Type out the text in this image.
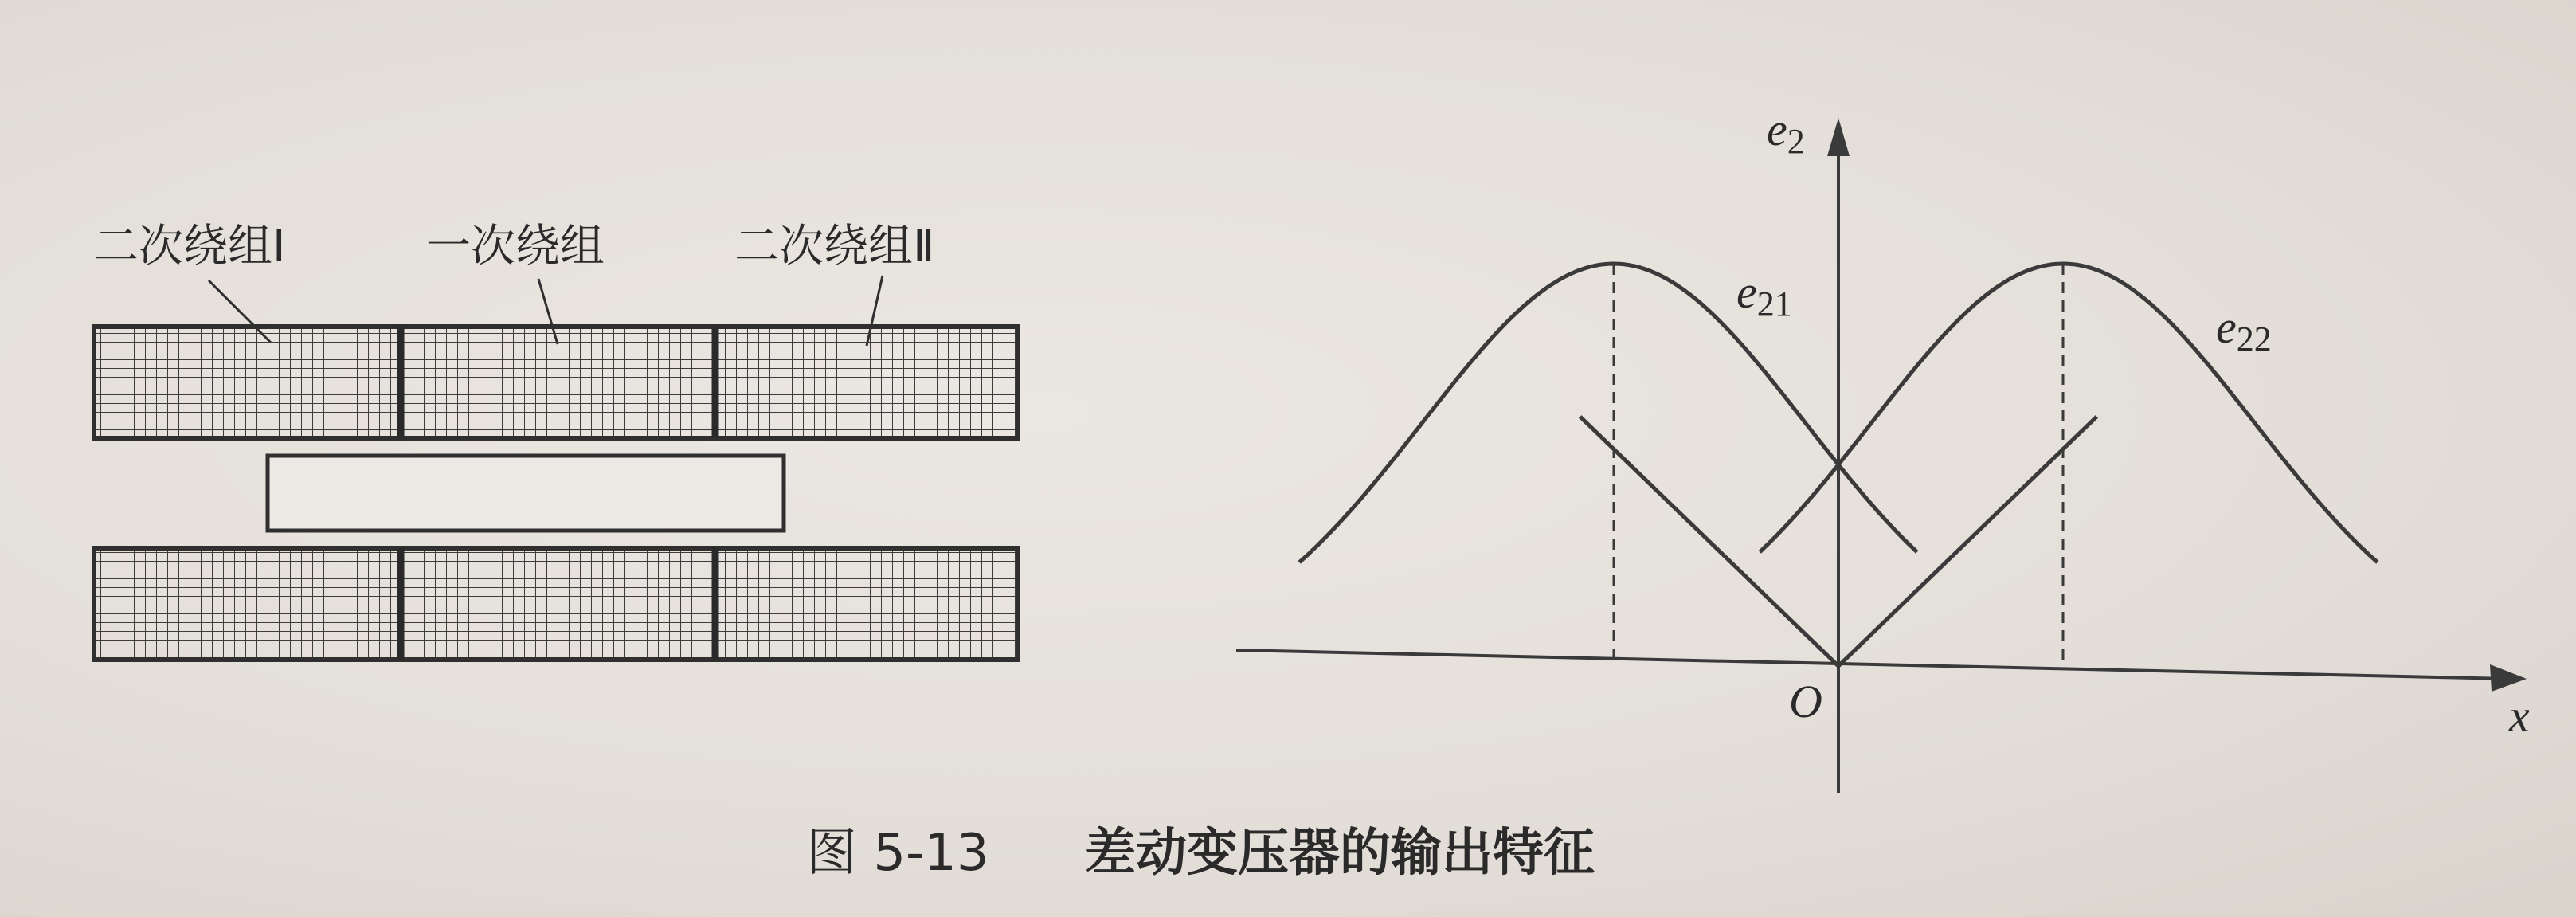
二次绕组Ⅰ	一次绕组	二次绕组Ⅱ
e2
x
O
e21	e22
图 5-13 差动变压器的输出特征
